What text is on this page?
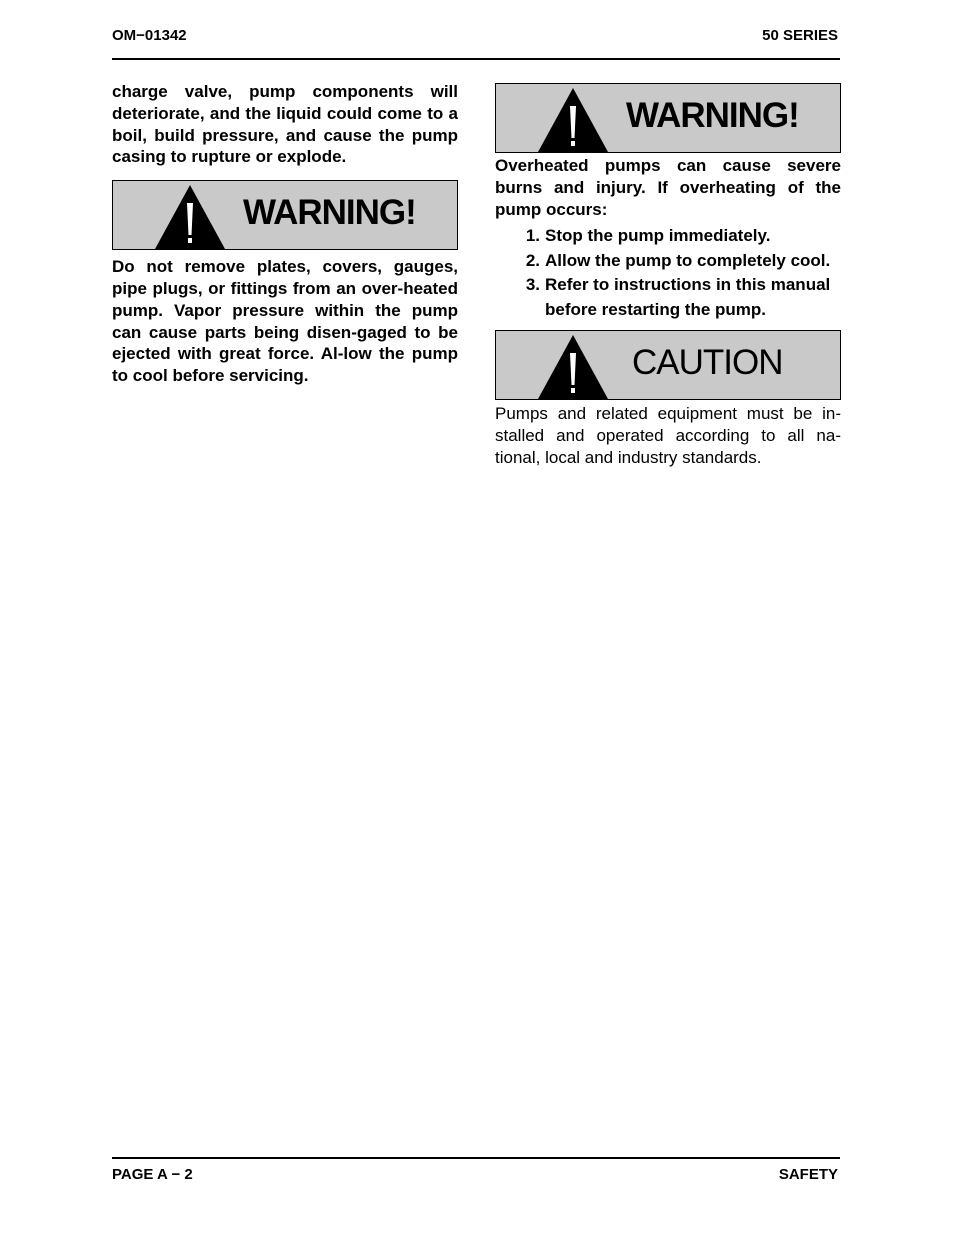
OM−01342	50 SERIES

charge valve, pump components will deteriorate, and the liquid could come to a boil, build pressure, and cause the pump casing to rupture or explode.

WARNING!

Do not remove plates, covers, gauges, pipe plugs, or fittings from an over-heated pump. Vapor pressure within the pump can cause parts being disen-gaged to be ejected with great force. Al-low the pump to cool before servicing.

WARNING!

Overheated pumps can cause severe burns and injury. If overheating of the pump occurs:

1. Stop the pump immediately.
2. Allow the pump to completely cool.
3. Refer to instructions in this manual before restarting the pump.
CAUTION

Pumps and related equipment must be in-stalled and operated according to all na-tional, local and industry standards.

PAGE A − 2	SAFETY
